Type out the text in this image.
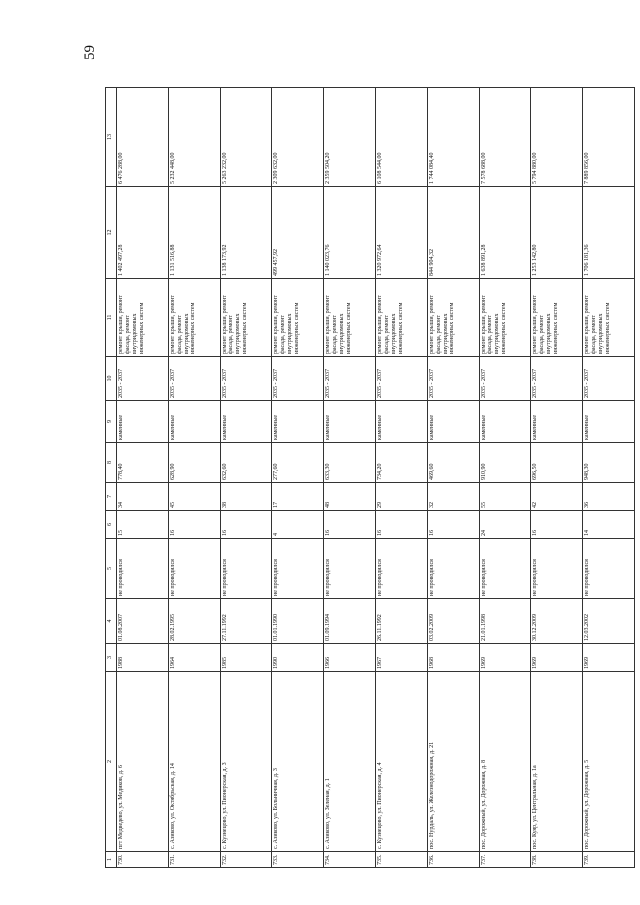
59
1	2	3	4	5	6	7	8	9	10	11	12	13
730.	пгт Медведево, ул. Медиков, д. 6	1988	01.08.2007	не проводился	15	34	778,40	каменные	2035 - 2037	ремонт крыши, ремонт фасада, ремонт внутридомовых инженерных систем	1 402 497,28	6 476 288,00
731.	с. Азиково, ул. Октябрьская, д. 14	1964	28.02.1995	не проводился	16	45	628,90	каменные	2035 - 2037	ремонт крыши, ремонт фасада, ремонт внутридомовых инженерных систем	1 131 516,88	5 232 448,00
732.	с. Кузнецово, ул. Пионерская, д. 3	1985	27.11.1992	не проводился	16	38	632,60	каменные	2035 - 2037	ремонт крыши, ремонт фасада, ремонт внутридомовых инженерных систем	1 138 173,92	5 263 232,00
733.	с. Азиково, ул. Больничная, д. 3	1990	01.01.1990	не проводился	4	17	277,60	каменные	2035 - 2037	ремонт крыши, ремонт фасада, ремонт внутридомовых инженерных систем	499 457,92	2 309 632,00
734.	с. Азиково, ул. Зеленая, д. 1	1966	01.09.1994	не проводился	16	48	633,30	каменные	2035 - 2037	ремонт крыши, ремонт фасада, ремонт внутридомовых инженерных систем	1 140 023,76	2 359 504,20
735.	с. Кузнецово, ул. Пионерская, д. 4	1967	26.11.1992	не проводился	16	29	734,20	каменные	2035 - 2037	ремонт крыши, ремонт фасада, ремонт внутридомовых инженерных систем	1 320 972,64	6 108 544,00
736.	пос. Нурдаль, ул. Железнодорожная, д. 21	1968	03.02.2009	не проводился	16	32	469,60	каменные	2035 - 2037	ремонт крыши, ремонт фасада, ремонт внутридомовых инженерных систем	844 904,32	1 744 084,40
737.	пос. Дорожный, ул. Дорожная, д. 8	1969	21.01.1998	не проводился	24	55	910,90	каменные	2035 - 2037	ремонт крыши, ремонт фасада, ремонт внутридомовых инженерных систем	1 638 891,28	7 578 688,00
738.	пос. Куяр, ул. Центральная, д. 1а	1969	30.12.2009	не проводился	16	42	696,50	каменные	2035 - 2037	ремонт крыши, ремонт фасада, ремонт внутридомовых инженерных систем	1 253 142,80	5 794 880,00
739.	пос. Дорожный, ул. Дорожная, д. 5	1969	12.03.2002	не проводился	14	36	948,30	каменные	2035 - 2037	ремонт крыши, ремонт фасада, ремонт внутридомовых инженерных систем	1 706 181,36	7 889 856,00
